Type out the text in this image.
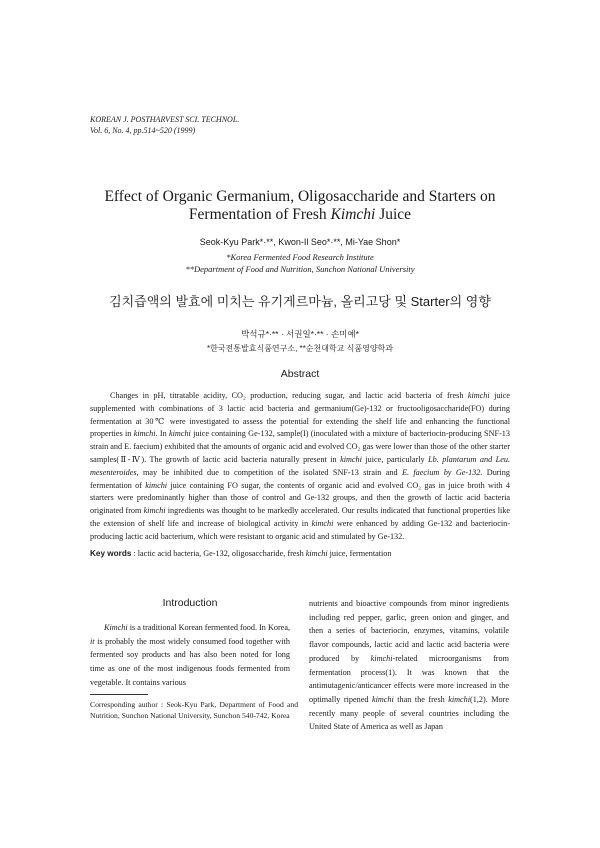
KOREAN J. POSTHARVEST SCI. TECHNOL.
Vol. 6, No. 4, pp.514~520 (1999)
Effect of Organic Germanium, Oligosaccharide and Starters on
Fermentation of Fresh Kimchi Juice
Seok-Kyu Park*·**, Kwon-Il Seo*·**, Mi-Yae Shon*
*Korea Fermented Food Research Institute
**Department of Food and Nutrition, Sunchon National University
김치즙액의 발효에 미치는 유기게르마늄, 올리고당 및 Starter의 영향
박석규*·** · 서권일*·** · 손미예*
*한국전통발효식품연구소, **순천대학교 식품영양학과
Abstract

Changes in pH, titratable acidity, CO₂ production, reducing sugar, and lactic acid bacteria of fresh kimchi juice supplemented with combinations of 3 lactic acid bacteria and germanium(Ge)-132 or fructooligosaccharide(FO) during fermentation at 30℃ were investigated to assess the potential for extending the shelf life and enhancing the functional properties in kimchi. In kimchi juice containing Ge-132, sample(I) (inoculated with a mixture of bacteriocin-producing SNF-13 strain and E. faecium) exhibited that the amounts of organic acid and evolved CO₂ gas were lower than those of the other starter samples(Ⅱ-Ⅳ). The growth of lactic acid bacteria naturally present in kimchi juice, particularly Lb. plantarum and Leu. mesenteroides, may be inhibited due to competition of the isolated SNF-13 strain and E. faecium by Ge-132. During fermentation of kimchi juice containing FO sugar, the contents of organic acid and evolved CO₂ gas in juice broth with 4 starters were predominantly higher than those of control and Ge-132 groups, and then the growth of lactic acid bacteria originated from kimchi ingredients was thought to be markedly accelerated. Our results indicated that functional properties like the extension of shelf life and increase of biological activity in kimchi were enhanced by adding Ge-132 and bacteriocin-producing lactic acid bacterium, which were resistant to organic acid and stimulated by Ge-132.

Key words : lactic acid bacteria, Ge-132, oligosaccharide, fresh kimchi juice, fermentation
Introduction

Kimchi is a traditional Korean fermented food. In Korea, it is probably the most widely consumed food together with fermented soy products and has also been noted for long time as one of the most indigenous foods fermented from vegetable. It contains various

Corresponding author : Seok-Kyu Park, Department of Food and Nutrition, Sunchon National University, Sunchon 540-742, Korea

nutrients and bioactive compounds from minor ingredients including red pepper, garlic, green onion and ginger, and then a series of bacteriocin, enzymes, vitamins, volatile flavor compounds, lactic acid and lactic acid bacteria were produced by kimchi-related microorganisms from fermentation process(1). It was known that the antimutagenic/anticancer effects were more increased in the optimally ripened kimchi than the fresh kimchi(1,2). More recently many people of several countries including the United State of America as well as Japan
